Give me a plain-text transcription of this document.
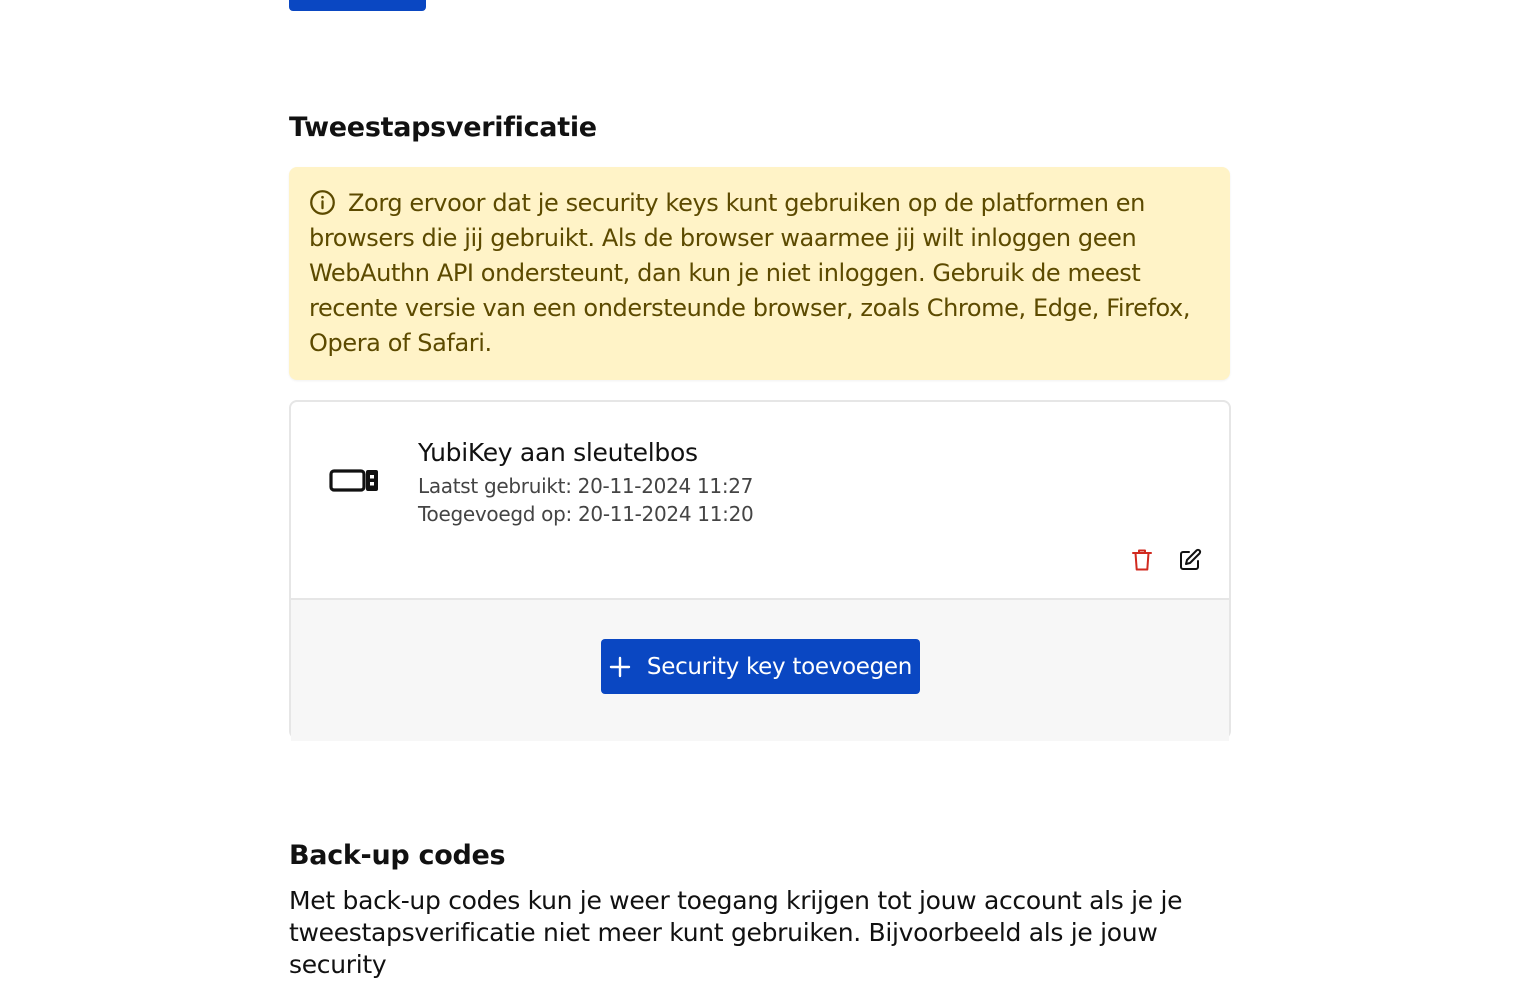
Tweestapsverificatie

Zorg ervoor dat je security keys kunt gebruiken op de platformen en browsers die jij gebruikt. Als de browser waarmee jij wilt inloggen geen WebAuthn API ondersteunt, dan kun je niet inloggen. Gebruik de meest recente versie van een ondersteunde browser, zoals Chrome, Edge, Firefox, Opera of Safari.

YubiKey aan sleutelbos
Laatst gebruikt: 20-11-2024 11:27
Toegevoegd op: 20-11-2024 11:20
Security key toevoegen
Back-up codes

Met back-up codes kun je weer toegang krijgen tot jouw account als je je tweestapsverificatie niet meer kunt gebruiken. Bijvoorbeeld als je jouw security
